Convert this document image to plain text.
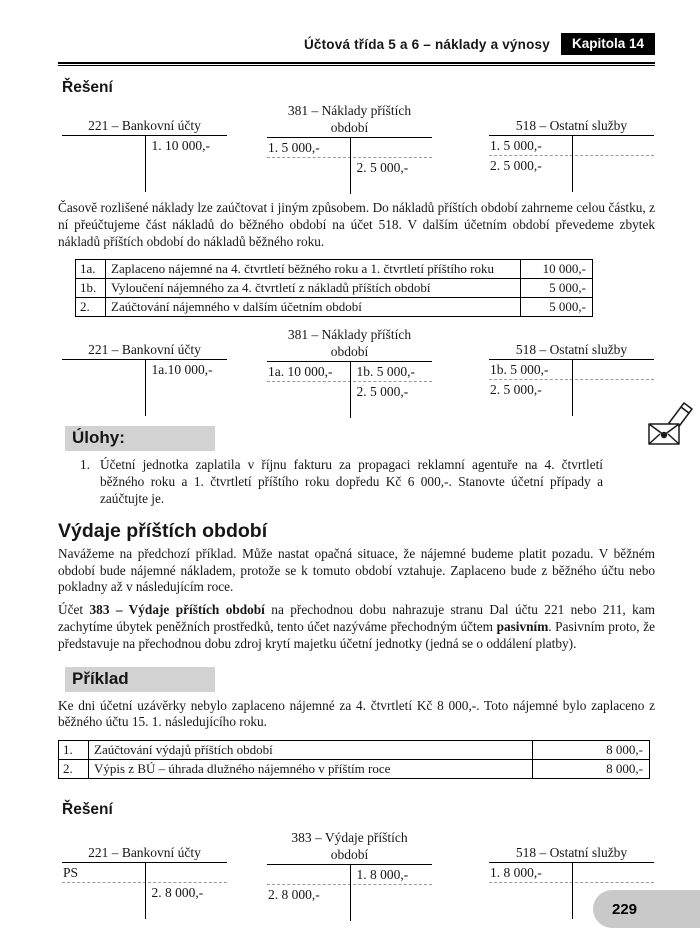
Účtová třída 5 a 6 – náklady a výnosy	Kapitola 14
Řešení
221 – Bankovní účty
1. 10 000,-
381 – Náklady příštích
období
1. 5 000,-
2. 5 000,-
518 – Ostatní služby
1. 5 000,-
2. 5 000,-

Časově rozlišené náklady lze zaúčtovat i jiným způsobem. Do nákladů příštích období zahrneme celou částku, z ní přeúčtujeme část nákladů do běžného období na účet 518. V dalším účetním období převedeme zbytek nákladů příštích období do nákladů běžného roku.

1a.	Zaplaceno nájemné na 4. čtvrtletí běžného roku a 1. čtvrtletí příštího roku	10 000,-
1b.	Vyloučení nájemného za 4. čtvrtletí z nákladů příštích období	5 000,-
2.	Zaúčtování nájemného v dalším účetním období	5 000,-
221 – Bankovní účty
1a.10 000,-
381 – Náklady příštích
období
1a. 10 000,-	1b. 5 000,-
2. 5 000,-
518 – Ostatní služby
1b. 5 000,-
2. 5 000,-
Úlohy:
1. Účetní jednotka zaplatila v říjnu fakturu za propagaci reklamní agentuře na 4. čtvrtletí běžného roku a 1. čtvrtletí příštího roku dopředu Kč 6 000,-. Stanovte účetní případy a zaúčtujte je.
Výdaje příštích období

Navážeme na předchozí příklad. Může nastat opačná situace, že nájemné budeme platit pozadu. V běžném období bude nájemné nákladem, protože se k tomuto období vztahuje. Zaplaceno bude z běžného účtu nebo pokladny až v následujícím roce.

Účet 383 – Výdaje příštích období na přechodnou dobu nahrazuje stranu Dal účtu 221 nebo 211, kam zachytíme úbytek peněžních prostředků, tento účet nazýváme přechodným účtem pasivním. Pasivním proto, že představuje na přechodnou dobu zdroj krytí majetku účetní jednotky (jedná se o oddálení platby).

Příklad

Ke dni účetní uzávěrky nebylo zaplaceno nájemné za 4. čtvrtletí Kč 8 000,-. Toto nájemné bylo zaplaceno z běžného účtu 15. 1. následujícího roku.

1.	Zaúčtování výdajů příštích období	8 000,-
2.	Výpis z BÚ – úhrada dlužného nájemného v příštím roce	8 000,-
Řešení
221 – Bankovní účty
PS
2. 8 000,-
383 – Výdaje příštích
období
1. 8 000,-
2. 8 000,-
518 – Ostatní služby
1. 8 000,-
229
